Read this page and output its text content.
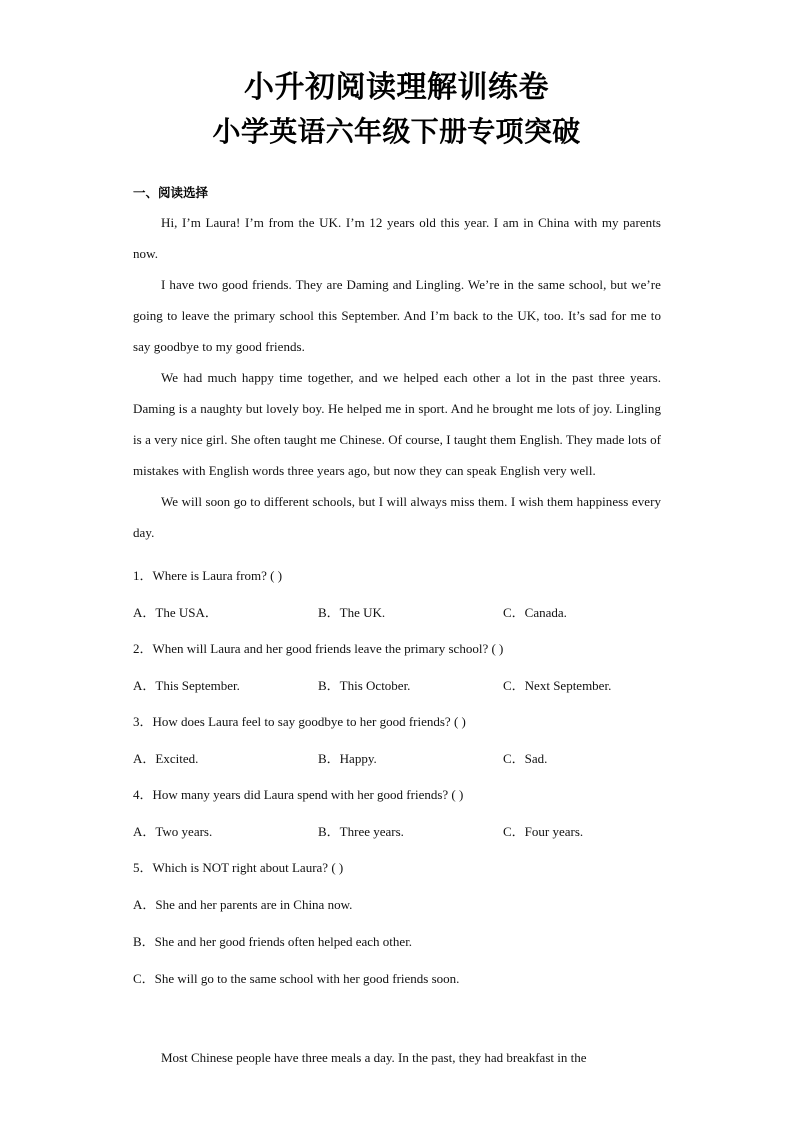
小升初阅读理解训练卷
小学英语六年级下册专项突破
一、阅读选择

Hi, I’m Laura! I’m from the UK. I’m 12 years old this year. I am in China with my parents now.

I have two good friends. They are Daming and Lingling. We’re in the same school, but we’re going to leave the primary school this September. And I’m back to the UK, too. It’s sad for me to say goodbye to my good friends.

We had much happy time together, and we helped each other a lot in the past three years. Daming is a naughty but lovely boy. He helped me in sport. And he brought me lots of joy. Lingling is a very nice girl. She often taught me Chinese. Of course, I taught them English. They made lots of mistakes with English words three years ago, but now they can speak English very well.

We will soon go to different schools, but I will always miss them. I wish them happiness every day.

1．Where is Laura from? ( )
A．The USA．	B．The UK.	C．Canada.
2．When will Laura and her good friends leave the primary school? ( )
A．This September.	B．This October.	C．Next September.
3．How does Laura feel to say goodbye to her good friends? ( )
A．Excited.	B．Happy.	C．Sad.
4．How many years did Laura spend with her good friends? ( )
A．Two years.	B．Three years.	C．Four years.
5．Which is NOT right about Laura? ( )
A．She and her parents are in China now.
B．She and her good friends often helped each other.
C．She will go to the same school with her good friends soon.

Most Chinese people have three meals a day. In the past, they had breakfast in the
